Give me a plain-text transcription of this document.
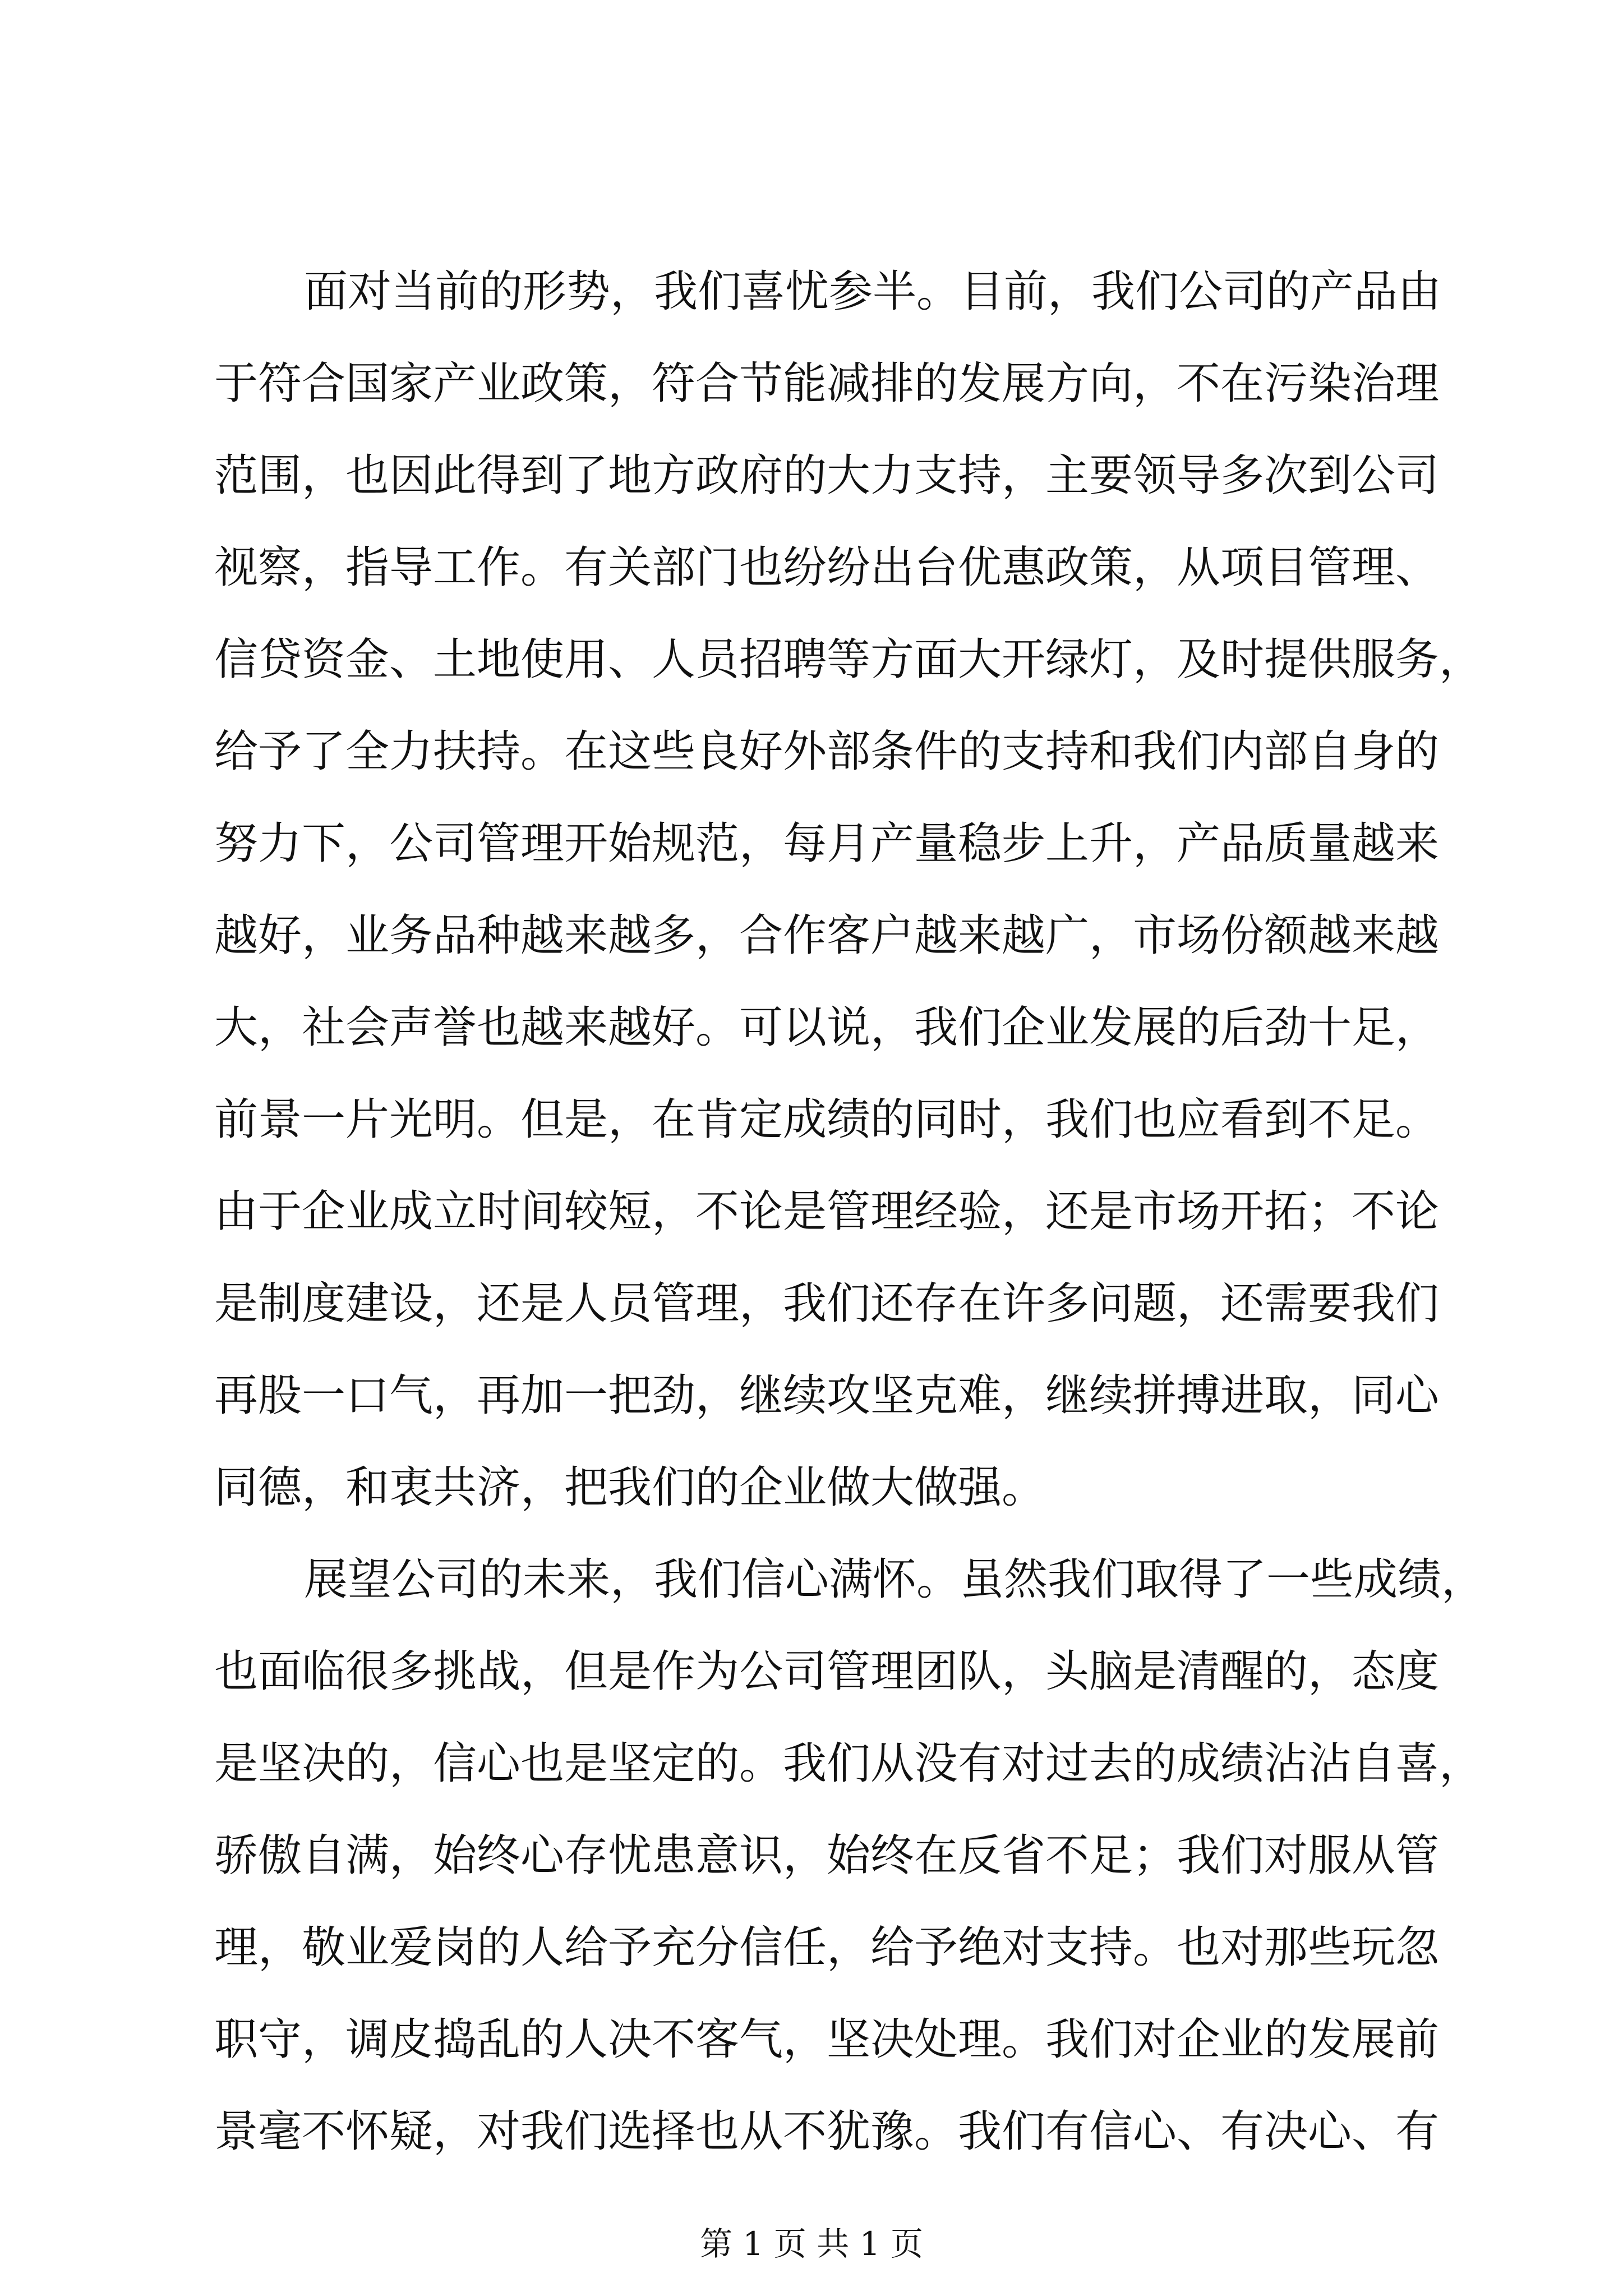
面对当前的形势，我们喜忧参半。目前，我们公司的产品由
于符合国家产业政策，符合节能减排的发展方向，不在污染治理
范围，也因此得到了地方政府的大力支持，主要领导多次到公司
视察，指导工作。有关部门也纷纷出台优惠政策，从项目管理、
信贷资金、土地使用、人员招聘等方面大开绿灯，及时提供服务，
给予了全力扶持。在这些良好外部条件的支持和我们内部自身的
努力下，公司管理开始规范，每月产量稳步上升，产品质量越来
越好，业务品种越来越多，合作客户越来越广，市场份额越来越
大，社会声誉也越来越好。可以说，我们企业发展的后劲十足，
前景一片光明。但是，在肯定成绩的同时，我们也应看到不足。
由于企业成立时间较短，不论是管理经验，还是市场开拓；不论
是制度建设，还是人员管理，我们还存在许多问题，还需要我们
再股一口气，再加一把劲，继续攻坚克难，继续拼搏进取，同心
同德，和衷共济，把我们的企业做大做强。
展望公司的未来，我们信心满怀。虽然我们取得了一些成绩，
也面临很多挑战，但是作为公司管理团队，头脑是清醒的，态度
是坚决的，信心也是坚定的。我们从没有对过去的成绩沾沾自喜，
骄傲自满，始终心存忧患意识，始终在反省不足；我们对服从管
理，敬业爱岗的人给予充分信任，给予绝对支持。也对那些玩忽
职守，调皮捣乱的人决不客气，坚决处理。我们对企业的发展前
景毫不怀疑，对我们选择也从不犹豫。我们有信心、有决心、有
第 1 页 共 1 页
